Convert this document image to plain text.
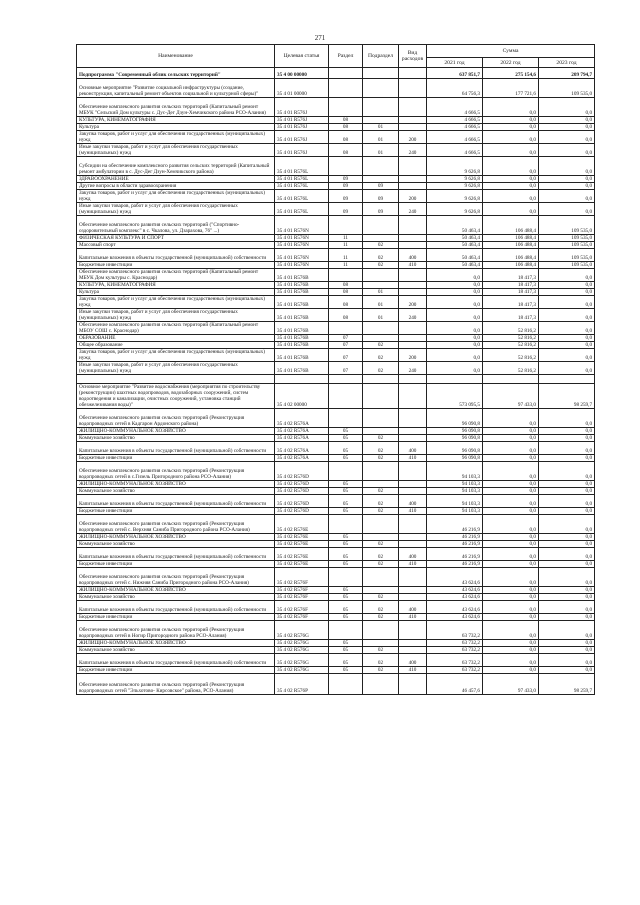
271
Наименование	Целевая статья	Раздел	Подраздел	Вид расходов	Сумма		
					2021 год	2022 год	2023 год
Подпрограмма "Современный облик сельских территорий"	35 4 00 00000				637 851,7	275 154,6	209 794,7
Основные мероприятие "Развитие социальной инфраструктуры (создание, реконструкция, капитальный ремонт объектов социальной и культурной сферы)"	35 4 01 00000				64 756,3	177 721,6	109 535,0
Обеспечение комплексного развития сельских территорий (Капитальный ремонт МБУК "Сельский Дом культуры с. Дус-Дег Дзун-Хемчикского района РСО-Алания)	35 4 01 R576J				4 666,5	0,0	0,0
КУЛЬТУРА, КИНЕМАТОГРАФИЯ	35 4 01 R576J	08			4 666,5	0,0	0,0
Культура	35 4 01 R576J	08	01		4 666,5	0,0	0,0
Закупка товаров, работ и услуг для обеспечения государственных (муниципальных) нужд	35 4 01 R576J	08	01	200	4 666,5	0,0	0,0
Иные закупки товаров, работ и услуг для обеспечения государственных (муниципальных) нужд	35 4 01 R576J	08	01	240	4 666,5	0,0	0,0
Субсидии на обеспечение комплексного развития сельских территорий (Капитальный ремонт амбулатории в с. Дус-Дег Дзун-Хемчикского района)	35 4 01 R576L				9 626,8	0,0	0,0
ЗДРАВООХРАНЕНИЕ	35 4 01 R576L	09			9 626,8	0,0	0,0
Другие вопросы в области здравоохранения	35 4 01 R576L	09	09		9 626,8	0,0	0,0
Закупка товаров, работ и услуг для обеспечения государственных (муниципальных) нужд	35 4 01 R576L	09	09	200	9 626,8	0,0	0,0
Иные закупки товаров, работ и услуг для обеспечения государственных (муниципальных) нужд	35 4 01 R576L	09	09	240	9 626,8	0,0	0,0
Обеспечение комплексного развития сельских территорий ("Спортивно-оздоровительный комплекс" в с. Чкалова, ул. Дзарахова, 76" ...)	35 4 01 R576N				50 463,4	106 488,4	109 535,0
ФИЗИЧЕСКАЯ КУЛЬТУРА И СПОРТ	35 4 01 R576N	11			50 463,4	106 488,4	109 535,0
Массовый спорт	35 4 01 R576N	11	02		50 463,4	106 488,4	109 535,0
Капитальные вложения в объекты государственной (муниципальной) собственности	35 4 01 R576N	11	02	400	50 463,4	106 488,4	109 535,0
Бюджетные инвестиции	35 4 01 R576N	11	02	410	50 463,4	106 488,4	109 535,0
Обеспечение комплексного развития сельских территорий (Капитальный ремонт МБУК Дом культуры с. Краснодар)	35 4 01 R576B				0,0	18 417,3	0,0
КУЛЬТУРА, КИНЕМАТОГРАФИЯ	35 4 01 R576B	08			0,0	18 417,3	0,0
Культура	35 4 01 R576B	08	01		0,0	18 417,3	0,0
Закупка товаров, работ и услуг для обеспечения государственных (муниципальных) нужд	35 4 01 R576B	08	01	200	0,0	18 417,3	0,0
Иные закупки товаров, работ и услуг для обеспечения государственных (муниципальных) нужд	35 4 01 R576B	08	01	240	0,0	18 417,3	0,0
Обеспечение комплексного развития сельских территорий (Капитальный ремонт МБОУ СОШ с. Краснодар)	35 4 01 R576B				0,0	52 816,2	0,0
ОБРАЗОВАНИЕ	35 4 01 R576B	07			0,0	52 816,2	0,0
Общее образование	35 4 01 R576B	07	02		0,0	52 816,2	0,0
Закупка товаров, работ и услуг для обеспечения государственных (муниципальных) нужд	35 4 01 R576B	07	02	200	0,0	52 816,2	0,0
Иные закупки товаров, работ и услуг для обеспечения государственных (муниципальных) нужд	35 4 01 R576B	07	02	240	0,0	52 816,2	0,0

Основное мероприятие "Развитие водоснабжения (мероприятия по строительству (реконструкции) шахтных водопроводов, водозаборных сооружений, систем водоотведения и канализации, очистных сооружений, установка станций обезжелезивания воды)"	35 4 02 00000				573 095,5	97 433,0	98 259,7
Обеспечение комплексного развития сельских территорий (Реконструкция водопроводных сетей в Кадгарон Ардонского района)	35 4 02 R576A				96 090,8	0,0	0,0
ЖИЛИЩНО-КОММУНАЛЬНОЕ ХОЗЯЙСТВО	35 4 02 R576A	05			96 090,8	0,0	0,0
Коммунальное хозяйство	35 4 02 R576A	05	02		96 090,8	0,0	0,0
Капитальные вложения в объекты государственной (муниципальной) собственности	35 4 02 R576A	05	02	400	96 090,8	0,0	0,0
Бюджетные инвестиции	35 4 02 R576A	05	02	410	96 090,8	0,0	0,0
Обеспечение комплексного развития сельских территорий (Реконструкция водопроводных сетей в с.Гизель Пригородного района РСО-Алания)	35 4 02 R576D				94 103,3	0,0	0,0
ЖИЛИЩНО-КОММУНАЛЬНОЕ ХОЗЯЙСТВО	35 4 02 R576D	05			94 103,3	0,0	0,0
Коммунальное хозяйство	35 4 02 R576D	05	02		94 103,3	0,0	0,0
Капитальные вложения в объекты государственной (муниципальной) собственности	35 4 02 R576D	05	02	400	94 103,3	0,0	0,0
Бюджетные инвестиции	35 4 02 R576D	05	02	410	94 103,3	0,0	0,0
Обеспечение комплексного развития сельских территорий (Реконструкция водопроводных сетей с. Верхняя Саниба Пригородного района РСО-Алания)	35 4 02 R576E				46 216,9	0,0	0,0
ЖИЛИЩНО-КОММУНАЛЬНОЕ ХОЗЯЙСТВО	35 4 02 R576E	05			46 216,9	0,0	0,0
Коммунальное хозяйство	35 4 02 R576E	05	02		46 216,9	0,0	0,0
Капитальные вложения в объекты государственной (муниципальной) собственности	35 4 02 R576E	05	02	400	46 216,9	0,0	0,0
Бюджетные инвестиции	35 4 02 R576E	05	02	410	46 216,9	0,0	0,0
Обеспечение комплексного развития сельских территорий (Реконструкция водопроводных сетей с. Нижняя Саниба Пригородного района РСО-Алания)	35 4 02 R576F				43 624,6	0,0	0,0
ЖИЛИЩНО-КОММУНАЛЬНОЕ ХОЗЯЙСТВО	35 4 02 R576F	05			43 624,6	0,0	0,0
Коммунальное хозяйство	35 4 02 R576F	05	02		43 624,6	0,0	0,0
Капитальные вложения в объекты государственной (муниципальной) собственности	35 4 02 R576F	05	02	400	43 624,6	0,0	0,0
Бюджетные инвестиции	35 4 02 R576F	05	02	410	43 624,6	0,0	0,0
Обеспечение комплексного развития сельских территорий (Реконструкция водопроводных сетей в Ногир Пригородного района РСО-Алания)	35 4 02 R576G				63 732,2	0,0	0,0
ЖИЛИЩНО-КОММУНАЛЬНОЕ ХОЗЯЙСТВО	35 4 02 R576G	05			63 732,2	0,0	0,0
Коммунальное хозяйство	35 4 02 R576G	05	02		63 732,2	0,0	0,0
Капитальные вложения в объекты государственной (муниципальной) собственности	35 4 02 R576G	05	02	400	63 732,2	0,0	0,0
Бюджетные инвестиции	35 4 02 R576G	05	02	410	63 732,2	0,0	0,0
Обеспечение комплексного развития сельских территорий (Реконструкция водопроводных сетей "Эльхотово- Кирсовское" района, РСО-Алания)	35 4 02 R576P				46 457,6	97 433,0	98 259,7
